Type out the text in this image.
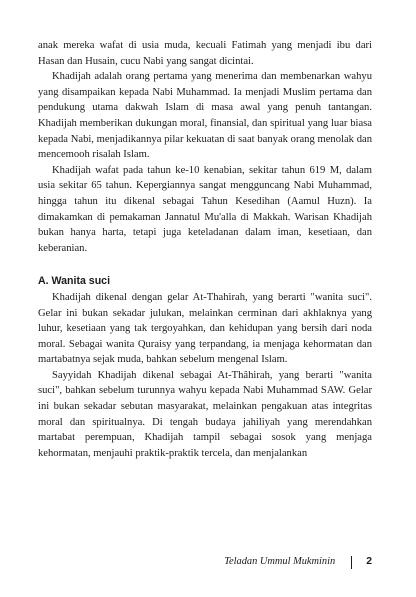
anak mereka wafat di usia muda, kecuali Fatimah yang menjadi ibu dari Hasan dan Husain, cucu Nabi yang sangat dicintai.

Khadijah adalah orang pertama yang menerima dan membenarkan wahyu yang disampaikan kepada Nabi Muhammad. Ia menjadi Muslim pertama dan pendukung utama dakwah Islam di masa awal yang penuh tantangan. Khadijah memberikan dukungan moral, finansial, dan spiritual yang luar biasa kepada Nabi, menjadikannya pilar kekuatan di saat banyak orang menolak dan mencemooh risalah Islam.

Khadijah wafat pada tahun ke-10 kenabian, sekitar tahun 619 M, dalam usia sekitar 65 tahun. Kepergiannya sangat mengguncang Nabi Muhammad, hingga tahun itu dikenal sebagai Tahun Kesedihan (Aamul Huzn). Ia dimakamkan di pemakaman Jannatul Mu'alla di Makkah. Warisan Khadijah bukan hanya harta, tetapi juga keteladanan dalam iman, kesetiaan, dan keberanian.

A. Wanita suci

Khadijah dikenal dengan gelar At-Thahirah, yang berarti "wanita suci". Gelar ini bukan sekadar julukan, melainkan cerminan dari akhlaknya yang luhur, kesetiaan yang tak tergoyahkan, dan kehidupan yang bersih dari noda moral. Sebagai wanita Quraisy yang terpandang, ia menjaga kehormatan dan martabatnya sejak muda, bahkan sebelum mengenal Islam.

Sayyidah Khadijah dikenal sebagai At-Thâhirah, yang berarti "wanita suci", bahkan sebelum turunnya wahyu kepada Nabi Muhammad SAW. Gelar ini bukan sekadar sebutan masyarakat, melainkan pengakuan atas integritas moral dan spiritualnya. Di tengah budaya jahiliyah yang merendahkan martabat perempuan, Khadijah tampil sebagai sosok yang menjaga kehormatan, menjauhi praktik-praktik tercela, dan menjalankan

Teladan Ummul Mukminin	2
